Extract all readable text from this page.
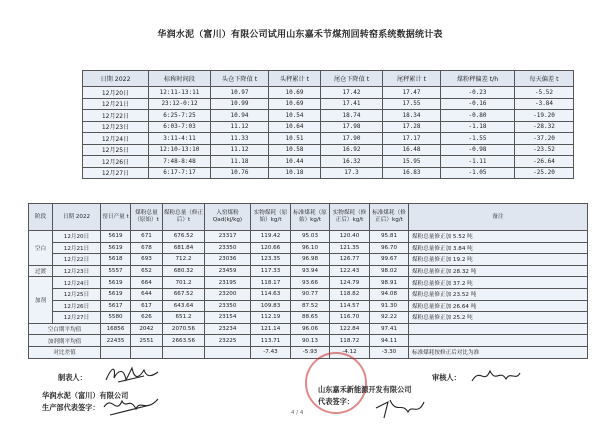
华润水泥（富川）有限公司试用山东嘉禾节煤剂回转窑系统数据统计表
日期 2022	标称时间段	头仓下降值 t	头秤累计 t	尾仓下降值 t	尾秤累计 t	煤粉秤偏差 t/h	每天偏差 t
12月20日	12:11-13:11	10.97	10.69	17.42	17.47	-0.23	-5.52
12月21日	23:12-0:12	10.99	10.69	17.41	17.55	-0.16	-3.84
12月22日	6:25-7:25	10.94	10.54	18.74	18.34	-0.80	-19.20
12月23日	6:03-7:03	11.12	10.64	17.98	17.28	-1.18	-28.32
12月24日	3:11-4:11	11.33	10.51	17.90	17.17	-1.55	-37.20
12月25日	12:10-13:10	11.12	10.58	16.92	16.48	-0.98	-23.52
12月26日	7:48-8:48	11.18	10.44	16.32	15.95	-1.11	-26.64
12月27日	6:17-7:17	10.76	10.18	17.3	16.83	-1.05	-25.20
阶段	日期 2022	窑日产量 t	煤粉总量（原始）t	煤粉总量（修正后）t	入窑煤粉 Qad(kj/kg)	实物煤耗（原始）kg/t	标准煤耗（原始）kg/t	实物煤耗（修正后）kg/t	标准煤耗（修正后）kg/t	备注
空白	12月20日	5619	671	676.52	23317	119.42	95.03	120.40	95.81	煤粉总量修正加 5.52 吨
	12月21日	5619	678	681.84	23350	120.66	96.10	121.35	96.70	煤粉总量修正加 3.84 吨
	12月22日	5618	693	712.2	23036	123.35	96.98	126.77	99.67	煤粉总量修正加 19.2 吨
过渡	12月23日	5557	652	680.32	23459	117.33	93.94	122.43	98.02	煤粉总量修正加 28.32 吨
加剂	12月24日	5619	664	701.2	23195	118.17	93.66	124.79	98.91	煤粉总量修正加 37.2 吨
	12月25日	5619	644	667.52	23200	114.63	90.77	118.82	94.08	煤粉总量修正加 23.52 吨
	12月26日	5617	617	643.64	23350	109.83	87.52	114.57	91.30	煤粉总量修正加 26.64 吨
	12月27日	5580	626	651.2	23154	112.19	88.65	116.70	92.22	煤粉总量修正加 25.2 吨
空白期平均值		16856	2042	2070.56	23234	121.14	96.06	122.84	97.41	
加剂期平均值		22435	2551	2663.56	23225	113.71	90.13	118.72	94.11	
对比差值						-7.43	-5.93	-4.12	-3.30	标准煤耗按修正后对比为准
制表人：	审核人：
华润水泥（富川）有限公司
生产部代表签字：
山东嘉禾新能源开发有限公司
代表签字：
4 / 4
